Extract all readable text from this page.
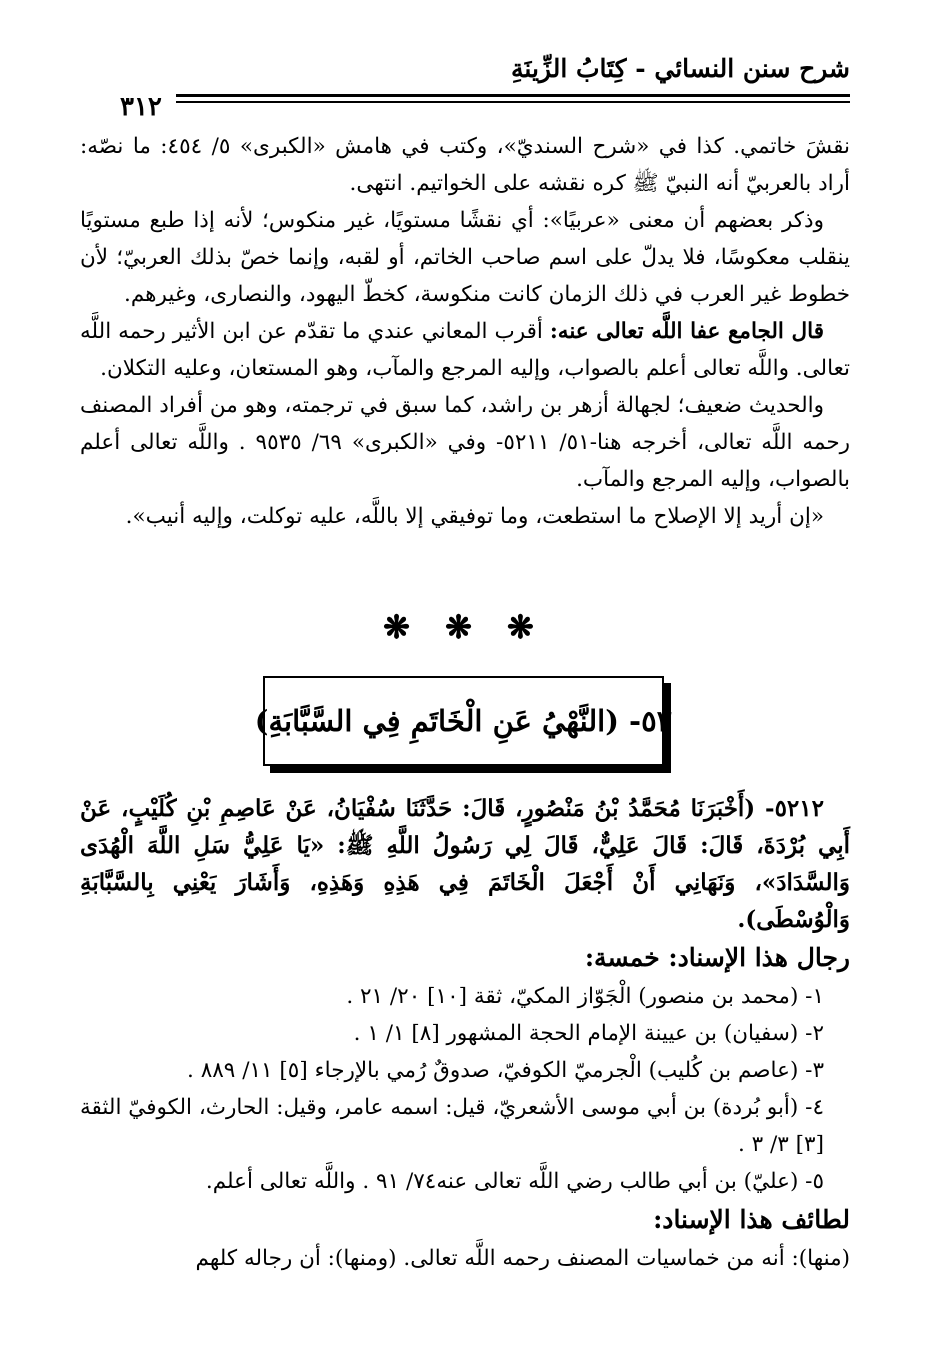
شرح سنن النسائي - كِتَابُ الزِّينَةِ
٣١٢

نقشَ خاتمي. كذا في «شرح السنديّ»، وكتب في هامش «الكبرى» ٥/ ٤٥٤: ما نصّه: أراد بالعربيّ أنه النبيّ ﷺ كره نقشه على الخواتيم. انتهى.

وذكر بعضهم أن معنى «عربيًا»: أي نقشًا مستويًا، غير منكوس؛ لأنه إذا طبع مستويًا ينقلب معكوسًا، فلا يدلّ على اسم صاحب الخاتم، أو لقبه، وإنما خصّ بذلك العربيّ؛ لأن خطوط غير العرب في ذلك الزمان كانت منكوسة، كخطّ اليهود، والنصارى، وغيرهم.

قال الجامع عفا اللَّه تعالى عنه: أقرب المعاني عندي ما تقدّم عن ابن الأثير رحمه اللَّه تعالى. واللَّه تعالى أعلم بالصواب، وإليه المرجع والمآب، وهو المستعان، وعليه التكلان.

والحديث ضعيف؛ لجهالة أزهر بن راشد، كما سبق في ترجمته، وهو من أفراد المصنف رحمه اللَّه تعالى، أخرجه هنا-٥١/ ٥٢١١- وفي «الكبرى» ٦٩/ ٩٥٣٥ . واللَّه تعالى أعلم بالصواب، وإليه المرجع والمآب.

«إن أريد إلا الإصلاح ما استطعت، وما توفيقي إلا باللَّه، عليه توكلت، وإليه أنيب».

❋ ❋ ❋
٥٢- (النَّهْيُ عَنِ الْخَاتَمِ فِي السَّبَّابَةِ)

٥٢١٢- (أَخْبَرَنَا مُحَمَّدُ بْنُ مَنْصُورٍ، قَالَ: حَدَّثَنَا سُفْيَانُ، عَنْ عَاصِمِ بْنِ كُلَيْبٍ، عَنْ أَبِي بُرْدَةَ، قَالَ: قَالَ عَلِيٌّ، قَالَ لِي رَسُولُ اللَّهِ ﷺ: «يَا عَلِيُّ سَلِ اللَّهَ الْهُدَى وَالسَّدَادَ»، وَنَهَانِي أَنْ أَجْعَلَ الْخَاتَمَ فِي هَذِهِ وَهَذِهِ، وَأَشَارَ يَعْنِي بِالسَّبَّابَةِ وَالْوُسْطَى).

رجال هذا الإسناد: خمسة:

١- (محمد بن منصور) الْجَوّاز المكيّ، ثقة [١٠] ٢٠/ ٢١ .

٢- (سفيان) بن عيينة الإمام الحجة المشهور [٨] ١/ ١ .

٣- (عاصم بن كُليب) الْجرميّ الكوفيّ، صدوقٌ رُمي بالإرجاء [٥] ١١/ ٨٨٩ .

٤- (أبو بُردة) بن أبي موسى الأشعريّ، قيل: اسمه عامر، وقيل: الحارث، الكوفيّ الثقة [٣] ٣/ ٣ .

٥- (عليّ) بن أبي طالب رضي اللَّه تعالى عنه٧٤/ ٩١ . واللَّه تعالى أعلم.

لطائف هذا الإسناد:

(منها): أنه من خماسيات المصنف رحمه اللَّه تعالى. (ومنها): أن رجاله كلهم
